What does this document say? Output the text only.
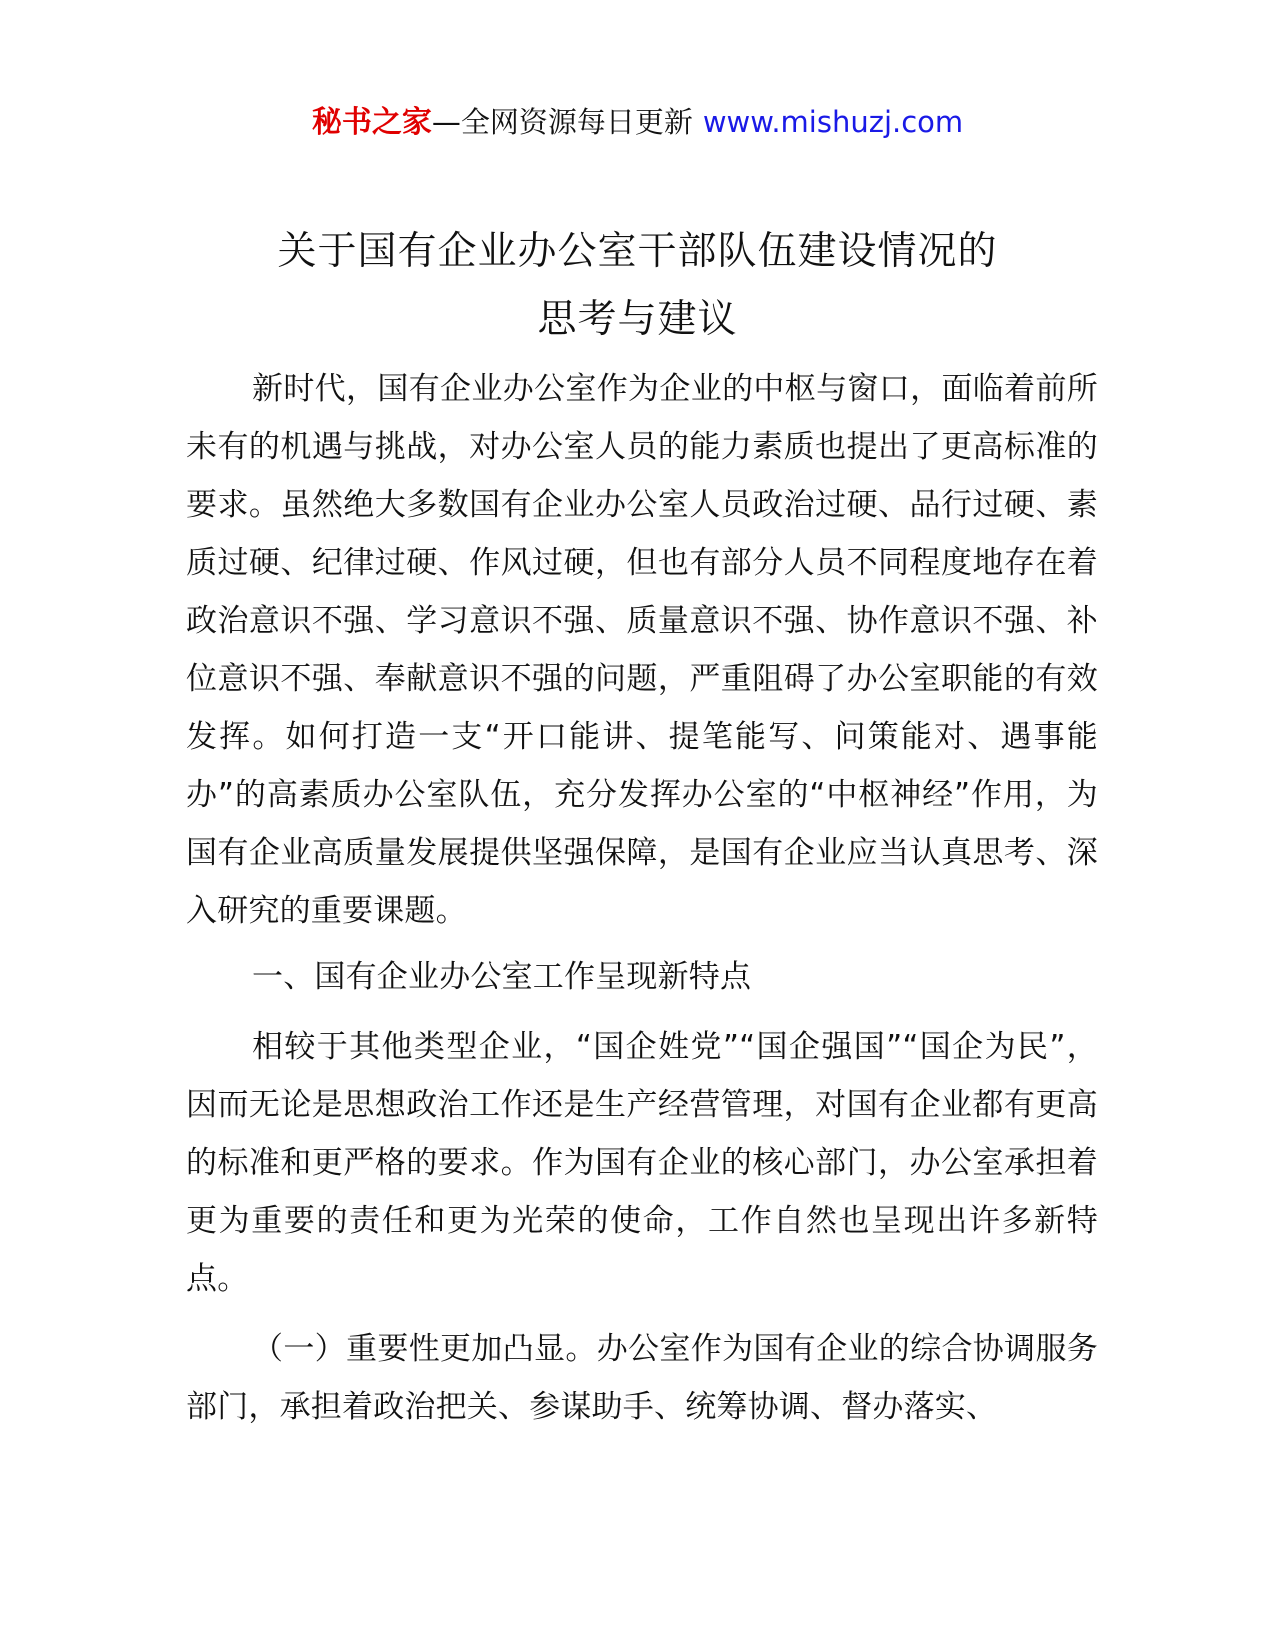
秘书之家—全网资源每日更新 www.mishuzj.com
关于国有企业办公室干部队伍建设情况的
思考与建议

新时代，国有企业办公室作为企业的中枢与窗口，面临着前所未有的机遇与挑战，对办公室人员的能力素质也提出了更高标准的要求。虽然绝大多数国有企业办公室人员政治过硬、品行过硬、素质过硬、纪律过硬、作风过硬，但也有部分人员不同程度地存在着政治意识不强、学习意识不强、质量意识不强、协作意识不强、补位意识不强、奉献意识不强的问题，严重阻碍了办公室职能的有效发挥。如何打造一支“开口能讲、提笔能写、问策能对、遇事能办”的高素质办公室队伍，充分发挥办公室的“中枢神经”作用，为国有企业高质量发展提供坚强保障，是国有企业应当认真思考、深入研究的重要课题。

一、国有企业办公室工作呈现新特点

相较于其他类型企业，“国企姓党”“国企强国”“国企为民”，因而无论是思想政治工作还是生产经营管理，对国有企业都有更高的标准和更严格的要求。作为国有企业的核心部门，办公室承担着更为重要的责任和更为光荣的使命，工作自然也呈现出许多新特点。

（一）重要性更加凸显。办公室作为国有企业的综合协调服务部门，承担着政治把关、参谋助手、统筹协调、督办落实、
